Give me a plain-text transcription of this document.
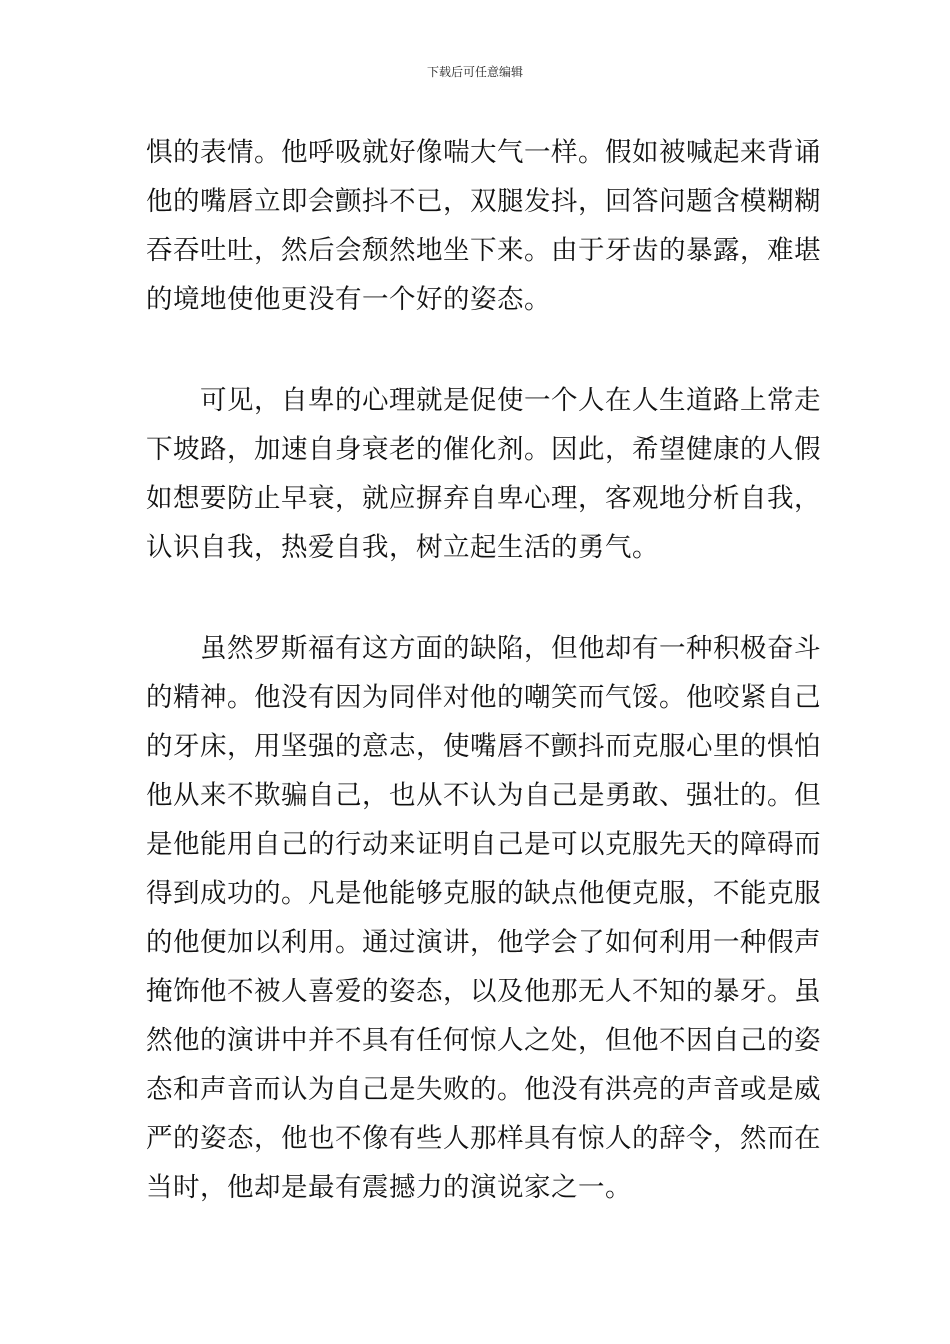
下载后可任意编辑
惧的表情。他呼吸就好像喘大气一样。假如被喊起来背诵
他的嘴唇立即会颤抖不已，双腿发抖，回答问题含模糊糊
吞吞吐吐，然后会颓然地坐下来。由于牙齿的暴露，难堪
的境地使他更没有一个好的姿态。
　　可见，自卑的心理就是促使一个人在人生道路上常走
下坡路，加速自身衰老的催化剂。因此，希望健康的人假
如想要防止早衰，就应摒弃自卑心理，客观地分析自我，
认识自我，热爱自我，树立起生活的勇气。
　　虽然罗斯福有这方面的缺陷，但他却有一种积极奋斗
的精神。他没有因为同伴对他的嘲笑而气馁。他咬紧自己
的牙床，用坚强的意志，使嘴唇不颤抖而克服心里的惧怕
他从来不欺骗自己，也从不认为自己是勇敢、强壮的。但
是他能用自己的行动来证明自己是可以克服先天的障碍而
得到成功的。凡是他能够克服的缺点他便克服，不能克服
的他便加以利用。通过演讲，他学会了如何利用一种假声
掩饰他不被人喜爱的姿态，以及他那无人不知的暴牙。虽
然他的演讲中并不具有任何惊人之处，但他不因自己的姿
态和声音而认为自己是失败的。他没有洪亮的声音或是威
严的姿态，他也不像有些人那样具有惊人的辞令，然而在
当时，他却是最有震撼力的演说家之一。
